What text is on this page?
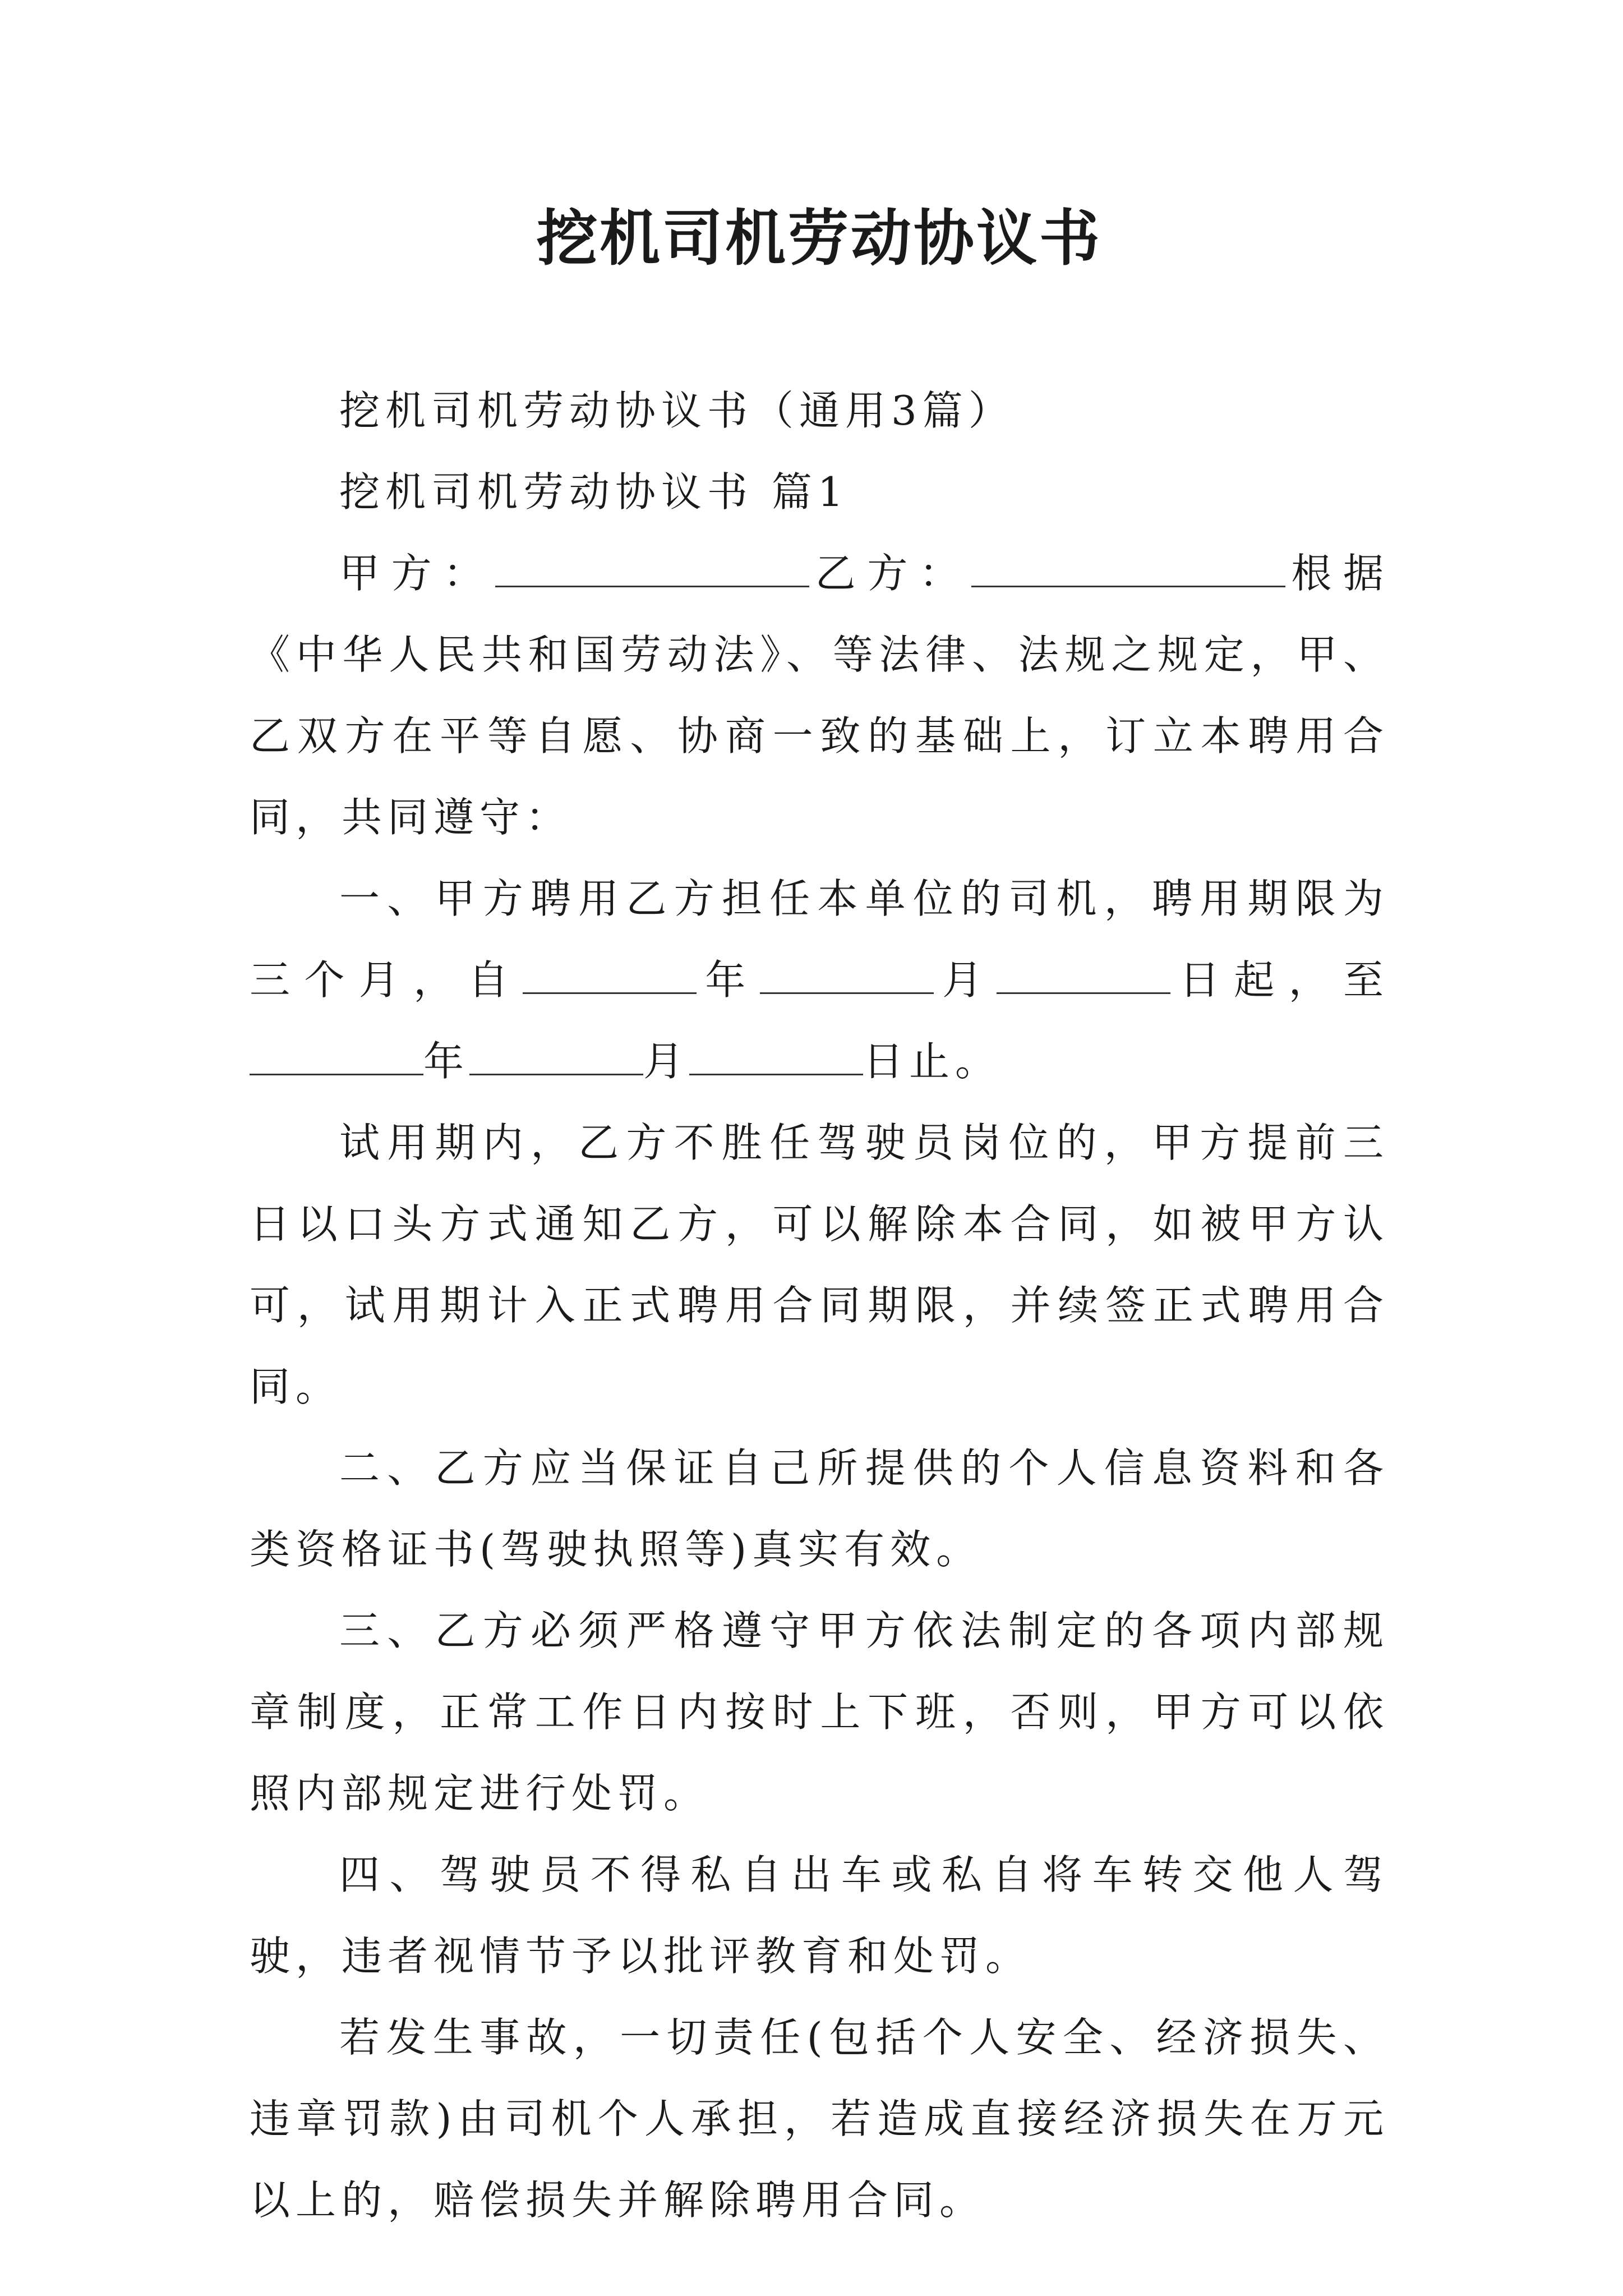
挖机司机劳动协议书

挖机司机劳动协议书（通用3篇）

挖机司机劳动协议书 篇1

甲方：	乙方：	根据《中华人民共和国劳动法》、等法律、法规之规定，甲、乙双方在平等自愿、协商一致的基础上，订立本聘用合同，共同遵守：

一、甲方聘用乙方担任本单位的司机，聘用期限为三个月，自	年	月	日起，至年	月	日止。

试用期内，乙方不胜任驾驶员岗位的，甲方提前三日以口头方式通知乙方，可以解除本合同，如被甲方认可，试用期计入正式聘用合同期限，并续签正式聘用合同。

二、乙方应当保证自己所提供的个人信息资料和各类资格证书(驾驶执照等)真实有效。

三、乙方必须严格遵守甲方依法制定的各项内部规章制度，正常工作日内按时上下班，否则，甲方可以依照内部规定进行处罚。

四、驾驶员不得私自出车或私自将车转交他人驾驶，违者视情节予以批评教育和处罚。

若发生事故，一切责任(包括个人安全、经济损失、违章罚款)由司机个人承担，若造成直接经济损失在万元以上的，赔偿损失并解除聘用合同。
